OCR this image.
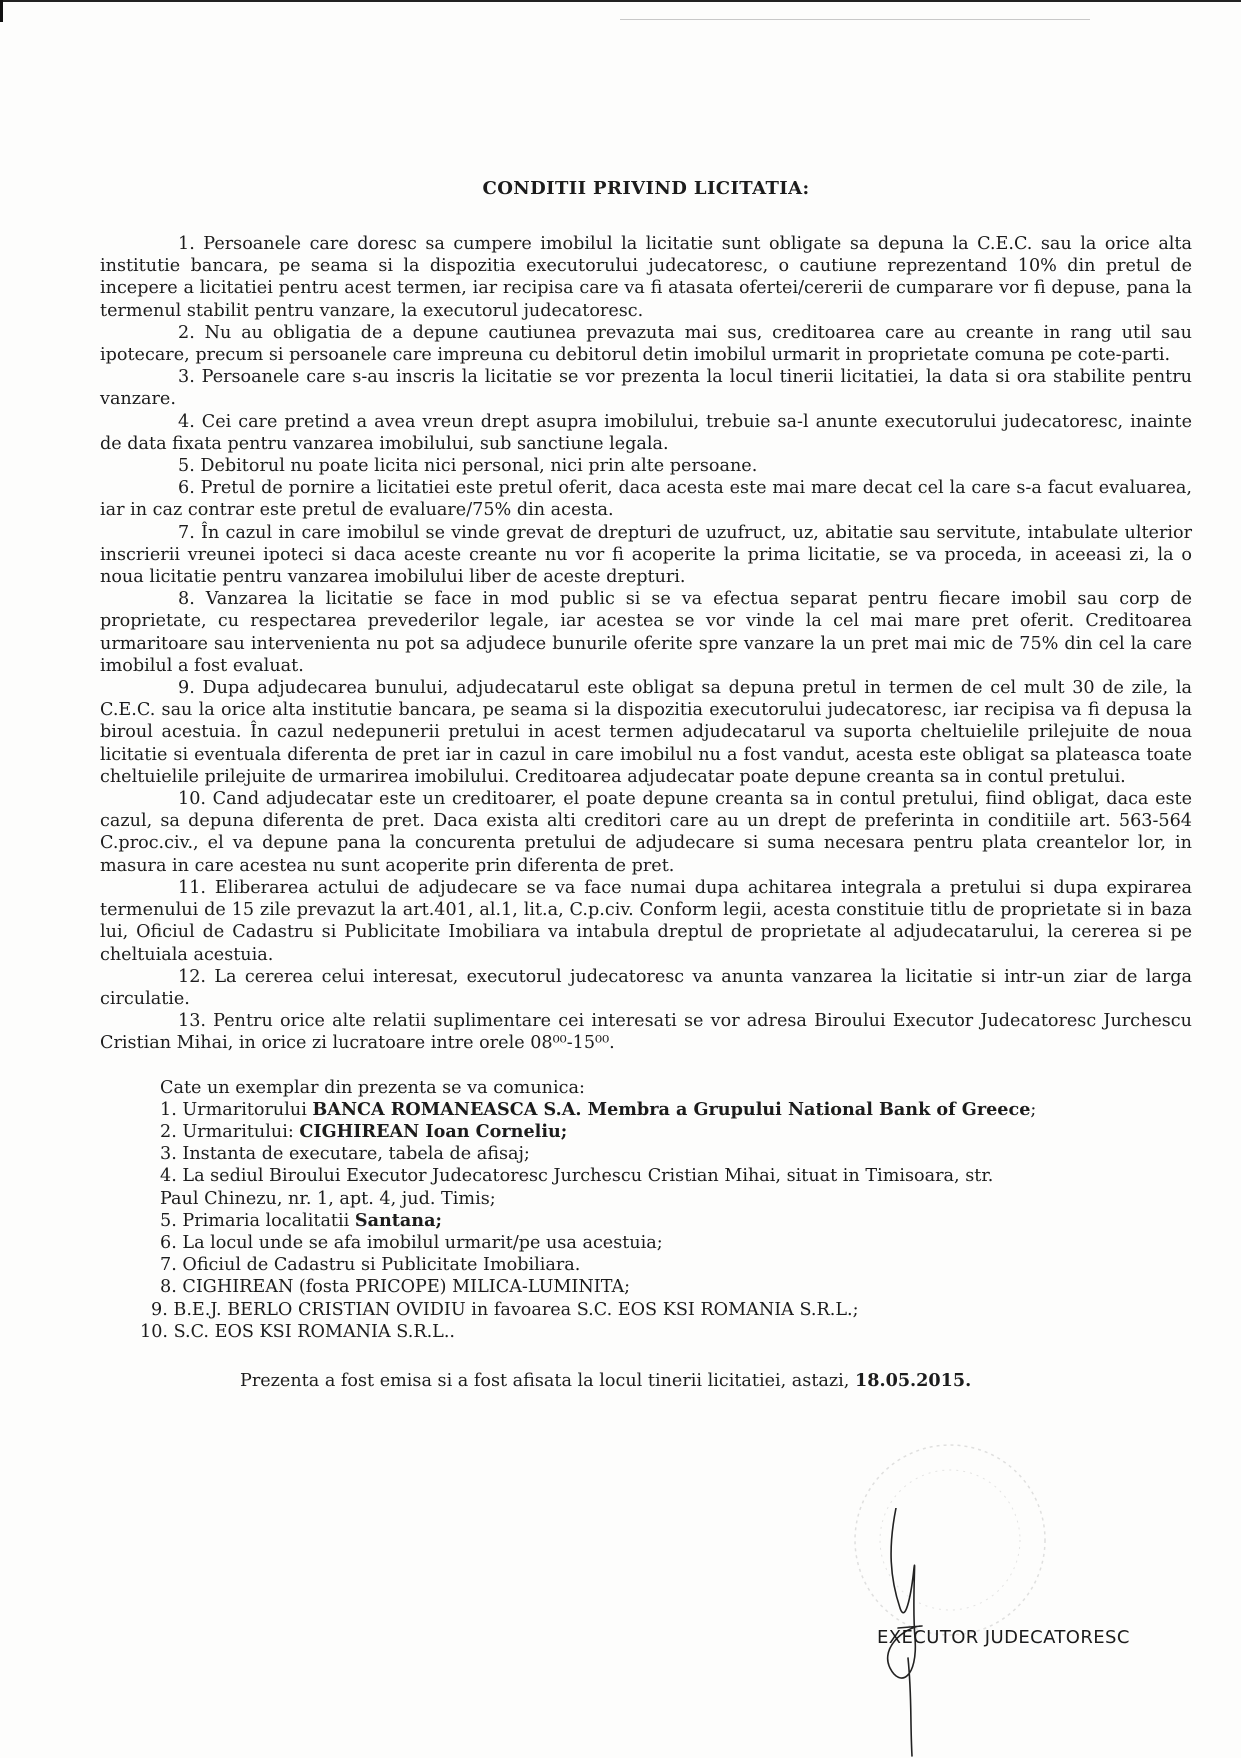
CONDITII PRIVIND LICITATIA:

1. Persoanele care doresc sa cumpere imobilul la licitatie sunt obligate sa depuna la C.E.C. sau la orice alta institutie bancara, pe seama si la dispozitia executorului judecatoresc, o cautiune reprezentand 10% din pretul de incepere a licitatiei pentru acest termen, iar recipisa care va fi atasata ofertei/cererii de cumparare vor fi depuse, pana la termenul stabilit pentru vanzare, la executorul judecatoresc.

2. Nu au obligatia de a depune cautiunea prevazuta mai sus, creditoarea care au creante in rang util sau ipotecare, precum si persoanele care impreuna cu debitorul detin imobilul urmarit in proprietate comuna pe cote-parti.

3. Persoanele care s-au inscris la licitatie se vor prezenta la locul tinerii licitatiei, la data si ora stabilite pentru vanzare.

4. Cei care pretind a avea vreun drept asupra imobilului, trebuie sa-l anunte executorului judecatoresc, inainte de data fixata pentru vanzarea imobilului, sub sanctiune legala.

5. Debitorul nu poate licita nici personal, nici prin alte persoane.

6. Pretul de pornire a licitatiei este pretul oferit, daca acesta este mai mare decat cel la care s-a facut evaluarea, iar in caz contrar este pretul de evaluare/75% din acesta.

7. În cazul in care imobilul se vinde grevat de drepturi de uzufruct, uz, abitatie sau servitute, intabulate ulterior inscrierii vreunei ipoteci si daca aceste creante nu vor fi acoperite la prima licitatie, se va proceda, in aceeasi zi, la o noua licitatie pentru vanzarea imobilului liber de aceste drepturi.

8. Vanzarea la licitatie se face in mod public si se va efectua separat pentru fiecare imobil sau corp de proprietate, cu respectarea prevederilor legale, iar acestea se vor vinde la cel mai mare pret oferit. Creditoarea urmaritoare sau intervenienta nu pot sa adjudece bunurile oferite spre vanzare la un pret mai mic de 75% din cel la care imobilul a fost evaluat.

9. Dupa adjudecarea bunului, adjudecatarul este obligat sa depuna pretul in termen de cel mult 30 de zile, la C.E.C. sau la orice alta institutie bancara, pe seama si la dispozitia executorului judecatoresc, iar recipisa va fi depusa la biroul acestuia. În cazul nedepunerii pretului in acest termen adjudecatarul va suporta cheltuielile prilejuite de noua licitatie si eventuala diferenta de pret iar in cazul in care imobilul nu a fost vandut, acesta este obligat sa plateasca toate cheltuielile prilejuite de urmarirea imobilului. Creditoarea adjudecatar poate depune creanta sa in contul pretului.

10. Cand adjudecatar este un creditoarer, el poate depune creanta sa in contul pretului, fiind obligat, daca este cazul, sa depuna diferenta de pret. Daca exista alti creditori care au un drept de preferinta in conditiile art. 563-564 C.proc.civ., el va depune pana la concurenta pretului de adjudecare si suma necesara pentru plata creantelor lor, in masura in care acestea nu sunt acoperite prin diferenta de pret.

11. Eliberarea actului de adjudecare se va face numai dupa achitarea integrala a pretului si dupa expirarea termenului de 15 zile prevazut la art.401, al.1, lit.a, C.p.civ. Conform legii, acesta constituie titlu de proprietate si in baza lui, Oficiul de Cadastru si Publicitate Imobiliara va intabula dreptul de proprietate al adjudecatarului, la cererea si pe cheltuiala acestuia.

12. La cererea celui interesat, executorul judecatoresc va anunta vanzarea la licitatie si intr-un ziar de larga circulatie.

13. Pentru orice alte relatii suplimentare cei interesati se vor adresa Biroului Executor Judecatoresc Jurchescu Cristian Mihai, in orice zi lucratoare intre orele 08⁰⁰-15⁰⁰.

Cate un exemplar din prezenta se va comunica:

1. Urmaritorului BANCA ROMANEASCA S.A. Membra a Grupului National Bank of Greece;
2. Urmaritului: CIGHIREAN Ioan Corneliu;
3. Instanta de executare, tabela de afisaj;
4. La sediul Biroului Executor Judecatoresc Jurchescu Cristian Mihai, situat in Timisoara, str.
Paul Chinezu, nr. 1, apt. 4, jud. Timis;
5. Primaria localitatii Santana;
6. La locul unde se afa imobilul urmarit/pe usa acestuia;
7. Oficiul de Cadastru si Publicitate Imobiliara.
8. CIGHIREAN (fosta PRICOPE) MILICA-LUMINITA;
9. B.E.J. BERLO CRISTIAN OVIDIU in favoarea S.C. EOS KSI ROMANIA S.R.L.;
10. S.C. EOS KSI ROMANIA S.R.L..

Prezenta a fost emisa si a fost afisata la locul tinerii licitatiei, astazi, 18.05.2015.

EXECUTOR JUDECATORESC
